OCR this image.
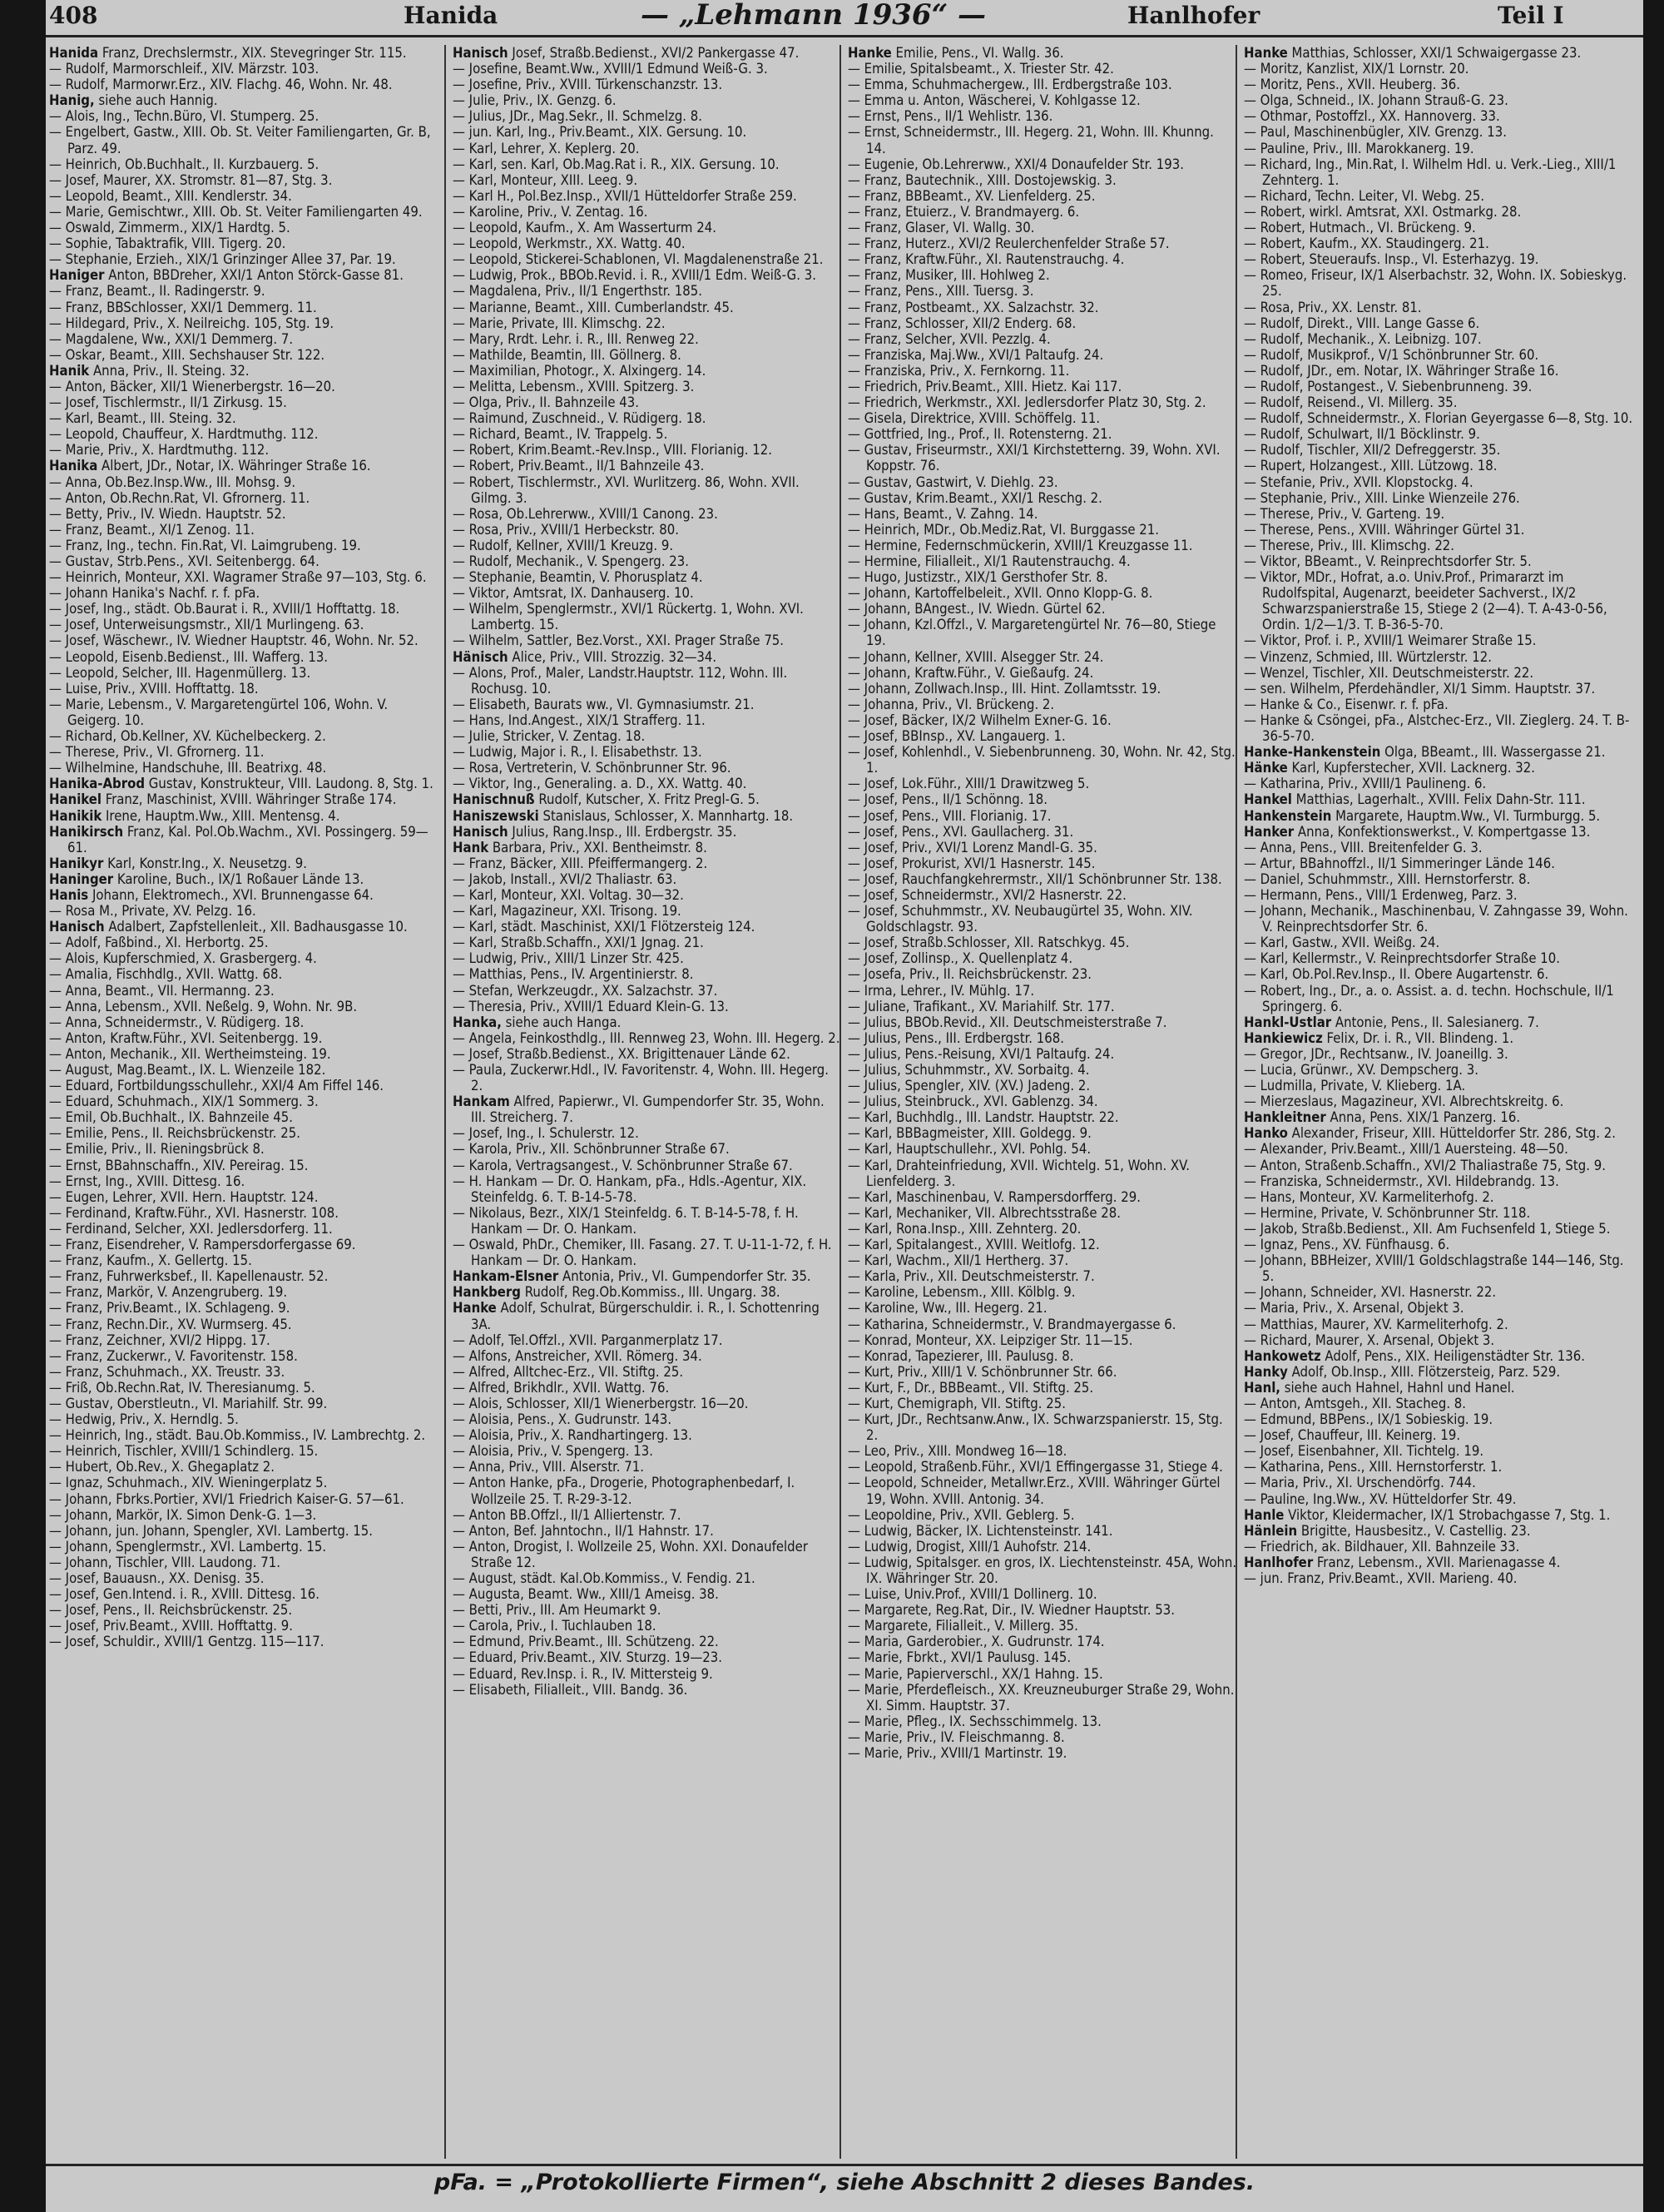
408	Hanida	— „Lehmann 1936“ —	Hanlhofer	Teil I
Hanida Franz, Drechslermstr., XIX. Stevegringer Str. 115.
— Rudolf, Marmorschleif., XIV. Märzstr. 103.
— Rudolf, Marmorwr.Erz., XIV. Flachg. 46, Wohn. Nr. 48.
Hanig, siehe auch Hannig.
— Alois, Ing., Techn.Büro, VI. Stumperg. 25.
— Engelbert, Gastw., XIII. Ob. St. Veiter Familiengarten, Gr. B, Parz. 49.
— Heinrich, Ob.Buchhalt., II. Kurzbauerg. 5.
— Josef, Maurer, XX. Stromstr. 81—87, Stg. 3.
— Leopold, Beamt., XIII. Kendlerstr. 34.
— Marie, Gemischtwr., XIII. Ob. St. Veiter Familiengarten 49.
— Oswald, Zimmerm., XIX/1 Hardtg. 5.
— Sophie, Tabaktrafik, VIII. Tigerg. 20.
— Stephanie, Erzieh., XIX/1 Grinzinger Allee 37, Par. 19.
Haniger Anton, BBDreher, XXI/1 Anton Störck-Gasse 81.
— Franz, Beamt., II. Radingerstr. 9.
— Franz, BBSchlosser, XXI/1 Demmerg. 11.
— Hildegard, Priv., X. Neilreichg. 105, Stg. 19.
— Magdalene, Ww., XXI/1 Demmerg. 7.
— Oskar, Beamt., XIII. Sechshauser Str. 122.
Hanik Anna, Priv., II. Steing. 32.
— Anton, Bäcker, XII/1 Wienerbergstr. 16—20.
— Josef, Tischlermstr., II/1 Zirkusg. 15.
— Karl, Beamt., III. Steing. 32.
— Leopold, Chauffeur, X. Hardtmuthg. 112.
— Marie, Priv., X. Hardtmuthg. 112.
Hanika Albert, JDr., Notar, IX. Währinger Straße 16.
— Anna, Ob.Bez.Insp.Ww., III. Mohsg. 9.
— Anton, Ob.Rechn.Rat, VI. Gfrornerg. 11.
— Betty, Priv., IV. Wiedn. Hauptstr. 52.
— Franz, Beamt., XI/1 Zenog. 11.
— Franz, Ing., techn. Fin.Rat, VI. Laimgrubeng. 19.
— Gustav, Strb.Pens., XVI. Seitenbergg. 64.
— Heinrich, Monteur, XXI. Wagramer Straße 97—103, Stg. 6.
— Johann Hanika's Nachf. r. f. pFa.
— Josef, Ing., städt. Ob.Baurat i. R., XVIII/1 Hofftattg. 18.
— Josef, Unterweisungsmstr., XII/1 Murlingeng. 63.
— Josef, Wäschewr., IV. Wiedner Hauptstr. 46, Wohn. Nr. 52.
— Leopold, Eisenb.Bedienst., III. Wafferg. 13.
— Leopold, Selcher, III. Hagenmüllerg. 13.
— Luise, Priv., XVIII. Hofftattg. 18.
— Marie, Lebensm., V. Margaretengürtel 106, Wohn. V. Geigerg. 10.
— Richard, Ob.Kellner, XV. Küchelbeckerg. 2.
— Therese, Priv., VI. Gfrornerg. 11.
— Wilhelmine, Handschuhe, III. Beatrixg. 48.
Hanika-Abrod Gustav, Konstrukteur, VIII. Laudong. 8, Stg. 1.
Hanikel Franz, Maschinist, XVIII. Währinger Straße 174.
Hanikik Irene, Hauptm.Ww., XIII. Mentensg. 4.
Hanikirsch Franz, Kal. Pol.Ob.Wachm., XVI. Possingerg. 59—61.
Hanikyr Karl, Konstr.Ing., X. Neusetzg. 9.
Haninger Karoline, Buch., IX/1 Roßauer Lände 13.
Hanis Johann, Elektromech., XVI. Brunnengasse 64.
— Rosa M., Private, XV. Pelzg. 16.
Hanisch Adalbert, Zapfstellenleit., XII. Badhausgasse 10.
— Adolf, Faßbind., XI. Herbortg. 25.
— Alois, Kupferschmied, X. Grasbergerg. 4.
— Amalia, Fischhdlg., XVII. Wattg. 68.
— Anna, Beamt., VII. Hermanng. 23.
— Anna, Lebensm., XVII. Neßelg. 9, Wohn. Nr. 9B.
— Anna, Schneidermstr., V. Rüdigerg. 18.
— Anton, Kraftw.Führ., XVI. Seitenbergg. 19.
— Anton, Mechanik., XII. Wertheimsteing. 19.
— August, Mag.Beamt., IX. L. Wienzeile 182.
— Eduard, Fortbildungsschullehr., XXI/4 Am Fiffel 146.
— Eduard, Schuhmach., XIX/1 Sommerg. 3.
— Emil, Ob.Buchhalt., IX. Bahnzeile 45.
— Emilie, Pens., II. Reichsbrückenstr. 25.
— Emilie, Priv., II. Rieningsbrück 8.
— Ernst, BBahnschaffn., XIV. Pereirag. 15.
— Ernst, Ing., XVIII. Dittesg. 16.
— Eugen, Lehrer, XVII. Hern. Hauptstr. 124.
— Ferdinand, Kraftw.Führ., XVI. Hasnerstr. 108.
— Ferdinand, Selcher, XXI. Jedlersdorferg. 11.
— Franz, Eisendreher, V. Rampersdorfergasse 69.
— Franz, Kaufm., X. Gellertg. 15.
— Franz, Fuhrwerksbef., II. Kapellenaustr. 52.
— Franz, Markör, V. Anzengruberg. 19.
— Franz, Priv.Beamt., IX. Schlageng. 9.
— Franz, Rechn.Dir., XV. Wurmserg. 45.
— Franz, Zeichner, XVI/2 Hippg. 17.
— Franz, Zuckerwr., V. Favoritenstr. 158.
— Franz, Schuhmach., XX. Treustr. 33.
— Friß, Ob.Rechn.Rat, IV. Theresianumg. 5.
— Gustav, Oberstleutn., VI. Mariahilf. Str. 99.
— Hedwig, Priv., X. Herndlg. 5.
— Heinrich, Ing., städt. Bau.Ob.Kommiss., IV. Lambrechtg. 2.
— Heinrich, Tischler, XVIII/1 Schindlerg. 15.
— Hubert, Ob.Rev., X. Ghegaplatz 2.
— Ignaz, Schuhmach., XIV. Wieningerplatz 5.
— Johann, Fbrks.Portier, XVI/1 Friedrich Kaiser-G. 57—61.
— Johann, Markör, IX. Simon Denk-G. 1—3.
— Johann, jun. Johann, Spengler, XVI. Lambertg. 15.
— Johann, Spenglermstr., XVI. Lambertg. 15.
— Johann, Tischler, VIII. Laudong. 71.
— Josef, Bauausn., XX. Denisg. 35.
— Josef, Gen.Intend. i. R., XVIII. Dittesg. 16.
— Josef, Pens., II. Reichsbrückenstr. 25.
— Josef, Priv.Beamt., XVIII. Hofftattg. 9.
— Josef, Schuldir., XVIII/1 Gentzg. 115—117.
Hanisch Josef, Straßb.Bedienst., XVI/2 Pankergasse 47.
— Josefine, Beamt.Ww., XVIII/1 Edmund Weiß-G. 3.
— Josefine, Priv., XVIII. Türkenschanzstr. 13.
— Julie, Priv., IX. Genzg. 6.
— Julius, JDr., Mag.Sekr., II. Schmelzg. 8.
— jun. Karl, Ing., Priv.Beamt., XIX. Gersung. 10.
— Karl, Lehrer, X. Keplerg. 20.
— Karl, sen. Karl, Ob.Mag.Rat i. R., XIX. Gersung. 10.
— Karl, Monteur, XIII. Leeg. 9.
— Karl H., Pol.Bez.Insp., XVII/1 Hütteldorfer Straße 259.
— Karoline, Priv., V. Zentag. 16.
— Leopold, Kaufm., X. Am Wasserturm 24.
— Leopold, Werkmstr., XX. Wattg. 40.
— Leopold, Stickerei-Schablonen, VI. Magdalenenstraße 21.
— Ludwig, Prok., BBOb.Revid. i. R., XVIII/1 Edm. Weiß-G. 3.
— Magdalena, Priv., II/1 Engerthstr. 185.
— Marianne, Beamt., XIII. Cumberlandstr. 45.
— Marie, Private, III. Klimschg. 22.
— Mary, Rrdt. Lehr. i. R., III. Renweg 22.
— Mathilde, Beamtin, III. Göllnerg. 8.
— Maximilian, Photogr., X. Alxingerg. 14.
— Melitta, Lebensm., XVIII. Spitzerg. 3.
— Olga, Priv., II. Bahnzeile 43.
— Raimund, Zuschneid., V. Rüdigerg. 18.
— Richard, Beamt., IV. Trappelg. 5.
— Robert, Krim.Beamt.-Rev.Insp., VIII. Florianig. 12.
— Robert, Priv.Beamt., II/1 Bahnzeile 43.
— Robert, Tischlermstr., XVI. Wurlitzerg. 86, Wohn. XVII. Gilmg. 3.
— Rosa, Ob.Lehrerww., XVIII/1 Canong. 23.
— Rosa, Priv., XVIII/1 Herbeckstr. 80.
— Rudolf, Kellner, XVIII/1 Kreuzg. 9.
— Rudolf, Mechanik., V. Spengerg. 23.
— Stephanie, Beamtin, V. Phorusplatz 4.
— Viktor, Amtsrat, IX. Danhauserg. 10.
— Wilhelm, Spenglermstr., XVI/1 Rückertg. 1, Wohn. XVI. Lambertg. 15.
— Wilhelm, Sattler, Bez.Vorst., XXI. Prager Straße 75.
Hänisch Alice, Priv., VIII. Strozzig. 32—34.
— Alons, Prof., Maler, Landstr.Hauptstr. 112, Wohn. III. Rochusg. 10.
— Elisabeth, Baurats ww., VI. Gymnasiumstr. 21.
— Hans, Ind.Angest., XIX/1 Strafferg. 11.
— Julie, Stricker, V. Zentag. 18.
— Ludwig, Major i. R., I. Elisabethstr. 13.
— Rosa, Vertreterin, V. Schönbrunner Str. 96.
— Viktor, Ing., Generaling. a. D., XX. Wattg. 40.
Hanischnuß Rudolf, Kutscher, X. Fritz Pregl-G. 5.
Haniszewski Stanislaus, Schlosser, X. Mannhartg. 18.
Hanisch Julius, Rang.Insp., III. Erdbergstr. 35.
Hank Barbara, Priv., XXI. Bentheimstr. 8.
— Franz, Bäcker, XIII. Pfeiffermangerg. 2.
— Jakob, Install., XVI/2 Thaliastr. 63.
— Karl, Monteur, XXI. Voltag. 30—32.
— Karl, Magazineur, XXI. Trisong. 19.
— Karl, städt. Maschinist, XXI/1 Flötzersteig 124.
— Karl, Straßb.Schaffn., XXI/1 Jgnag. 21.
— Ludwig, Priv., XIII/1 Linzer Str. 425.
— Matthias, Pens., IV. Argentinierstr. 8.
— Stefan, Werkzeugdr., XX. Salzachstr. 37.
— Theresia, Priv., XVIII/1 Eduard Klein-G. 13.
Hanka, siehe auch Hanga.
— Angela, Feinkosthdlg., III. Rennweg 23, Wohn. III. Hegerg. 2.
— Josef, Straßb.Bedienst., XX. Brigittenauer Lände 62.
— Paula, Zuckerwr.Hdl., IV. Favoritenstr. 4, Wohn. III. Hegerg. 2.
Hankam Alfred, Papierwr., VI. Gumpendorfer Str. 35, Wohn. III. Streicherg. 7.
— Josef, Ing., I. Schulerstr. 12.
— Karola, Priv., XII. Schönbrunner Straße 67.
— Karola, Vertragsangest., V. Schönbrunner Straße 67.
— H. Hankam — Dr. O. Hankam, pFa., Hdls.-Agentur, XIX. Steinfeldg. 6. T. B-14-5-78.
— Nikolaus, Bezr., XIX/1 Steinfeldg. 6. T. B-14-5-78, f. H. Hankam — Dr. O. Hankam.
— Oswald, PhDr., Chemiker, III. Fasang. 27. T. U-11-1-72, f. H. Hankam — Dr. O. Hankam.
Hankam-Elsner Antonia, Priv., VI. Gumpendorfer Str. 35.
Hankberg Rudolf, Reg.Ob.Kommiss., III. Ungarg. 38.
Hanke Adolf, Schulrat, Bürgerschuldir. i. R., I. Schottenring 3A.
— Adolf, Tel.Offzl., XVII. Parganmerplatz 17.
— Alfons, Anstreicher, XVII. Römerg. 34.
— Alfred, Alltchec-Erz., VII. Stiftg. 25.
— Alfred, Brikhdlr., XVII. Wattg. 76.
— Alois, Schlosser, XII/1 Wienerbergstr. 16—20.
— Aloisia, Pens., X. Gudrunstr. 143.
— Aloisia, Priv., X. Randhartingerg. 13.
— Aloisia, Priv., V. Spengerg. 13.
— Anna, Priv., VIII. Alserstr. 71.
— Anton Hanke, pFa., Drogerie, Photographenbedarf, I. Wollzeile 25. T. R-29-3-12.
— Anton BB.Offzl., II/1 Alliertenstr. 7.
— Anton, Bef. Jahntochn., II/1 Hahnstr. 17.
— Anton, Drogist, I. Wollzeile 25, Wohn. XXI. Donaufelder Straße 12.
— August, städt. Kal.Ob.Kommiss., V. Fendig. 21.
— Augusta, Beamt. Ww., XIII/1 Ameisg. 38.
— Betti, Priv., III. Am Heumarkt 9.
— Carola, Priv., I. Tuchlauben 18.
— Edmund, Priv.Beamt., III. Schützeng. 22.
— Eduard, Priv.Beamt., XIV. Sturzg. 19—23.
— Eduard, Rev.Insp. i. R., IV. Mittersteig 9.
— Elisabeth, Filialleit., VIII. Bandg. 36.
Hanke Emilie, Pens., VI. Wallg. 36.
— Emilie, Spitalsbeamt., X. Triester Str. 42.
— Emma, Schuhmachergew., III. Erdbergstraße 103.
— Emma u. Anton, Wäscherei, V. Kohlgasse 12.
— Ernst, Pens., II/1 Wehlistr. 136.
— Ernst, Schneidermstr., III. Hegerg. 21, Wohn. III. Khunng. 14.
— Eugenie, Ob.Lehrerww., XXI/4 Donaufelder Str. 193.
— Franz, Bautechnik., XIII. Dostojewskig. 3.
— Franz, BBBeamt., XV. Lienfelderg. 25.
— Franz, Etuierz., V. Brandmayerg. 6.
— Franz, Glaser, VI. Wallg. 30.
— Franz, Huterz., XVI/2 Reulerchenfelder Straße 57.
— Franz, Kraftw.Führ., XI. Rautenstrauchg. 4.
— Franz, Musiker, III. Hohlweg 2.
— Franz, Pens., XIII. Tuersg. 3.
— Franz, Postbeamt., XX. Salzachstr. 32.
— Franz, Schlosser, XII/2 Enderg. 68.
— Franz, Selcher, XVII. Pezzlg. 4.
— Franziska, Maj.Ww., XVI/1 Paltaufg. 24.
— Franziska, Priv., X. Fernkorng. 11.
— Friedrich, Priv.Beamt., XIII. Hietz. Kai 117.
— Friedrich, Werkmstr., XXI. Jedlersdorfer Platz 30, Stg. 2.
— Gisela, Direktrice, XVIII. Schöffelg. 11.
— Gottfried, Ing., Prof., II. Rotensterng. 21.
— Gustav, Friseurmstr., XXI/1 Kirchstetterng. 39, Wohn. XVI. Koppstr. 76.
— Gustav, Gastwirt, V. Diehlg. 23.
— Gustav, Krim.Beamt., XXI/1 Reschg. 2.
— Hans, Beamt., V. Zahng. 14.
— Heinrich, MDr., Ob.Mediz.Rat, VI. Burggasse 21.
— Hermine, Federnschmückerin, XVIII/1 Kreuzgasse 11.
— Hermine, Filialleit., XI/1 Rautenstrauchg. 4.
— Hugo, Justizstr., XIX/1 Gersthofer Str. 8.
— Johann, Kartoffelbeleit., XVII. Onno Klopp-G. 8.
— Johann, BAngest., IV. Wiedn. Gürtel 62.
— Johann, Kzl.Offzl., V. Margaretengürtel Nr. 76—80, Stiege 19.
— Johann, Kellner, XVIII. Alsegger Str. 24.
— Johann, Kraftw.Führ., V. Gießaufg. 24.
— Johann, Zollwach.Insp., III. Hint. Zollamtsstr. 19.
— Johanna, Priv., VI. Brückeng. 2.
— Josef, Bäcker, IX/2 Wilhelm Exner-G. 16.
— Josef, BBInsp., XV. Langauerg. 1.
— Josef, Kohlenhdl., V. Siebenbrunneng. 30, Wohn. Nr. 42, Stg. 1.
— Josef, Lok.Führ., XIII/1 Drawitzweg 5.
— Josef, Pens., II/1 Schönng. 18.
— Josef, Pens., VIII. Florianig. 17.
— Josef, Pens., XVI. Gaullacherg. 31.
— Josef, Priv., XVI/1 Lorenz Mandl-G. 35.
— Josef, Prokurist, XVI/1 Hasnerstr. 145.
— Josef, Rauchfangkehrermstr., XII/1 Schönbrunner Str. 138.
— Josef, Schneidermstr., XVI/2 Hasnerstr. 22.
— Josef, Schuhmmstr., XV. Neubaugürtel 35, Wohn. XIV. Goldschlagstr. 93.
— Josef, Straßb.Schlosser, XII. Ratschkyg. 45.
— Josef, Zollinsp., X. Quellenplatz 4.
— Josefa, Priv., II. Reichsbrückenstr. 23.
— Irma, Lehrer., IV. Mühlg. 17.
— Juliane, Trafikant., XV. Mariahilf. Str. 177.
— Julius, BBOb.Revid., XII. Deutschmeisterstraße 7.
— Julius, Pens., III. Erdbergstr. 168.
— Julius, Pens.-Reisung, XVI/1 Paltaufg. 24.
— Julius, Schuhmmstr., XV. Sorbaitg. 4.
— Julius, Spengler, XIV. (XV.) Jadeng. 2.
— Julius, Steinbruck., XVI. Gablenzg. 34.
— Karl, Buchhdlg., III. Landstr. Hauptstr. 22.
— Karl, BBBagmeister, XIII. Goldegg. 9.
— Karl, Hauptschullehr., XVI. Pohlg. 54.
— Karl, Drahteinfriedung, XVII. Wichtelg. 51, Wohn. XV. Lienfelderg. 3.
— Karl, Maschinenbau, V. Rampersdorfferg. 29.
— Karl, Mechaniker, VII. Albrechtsstraße 28.
— Karl, Rona.Insp., XIII. Zehnterg. 20.
— Karl, Spitalangest., XVIII. Weitlofg. 12.
— Karl, Wachm., XII/1 Hertherg. 37.
— Karla, Priv., XII. Deutschmeisterstr. 7.
— Karoline, Lebensm., XIII. Kölblg. 9.
— Karoline, Ww., III. Hegerg. 21.
— Katharina, Schneidermstr., V. Brandmayergasse 6.
— Konrad, Monteur, XX. Leipziger Str. 11—15.
— Konrad, Tapezierer, III. Paulusg. 8.
— Kurt, Priv., XIII/1 V. Schönbrunner Str. 66.
— Kurt, F., Dr., BBBeamt., VII. Stiftg. 25.
— Kurt, Chemigraph, VII. Stiftg. 25.
— Kurt, JDr., Rechtsanw.Anw., IX. Schwarzspanierstr. 15, Stg. 2.
— Leo, Priv., XIII. Mondweg 16—18.
— Leopold, Straßenb.Führ., XVI/1 Effingergasse 31, Stiege 4.
— Leopold, Schneider, Metallwr.Erz., XVIII. Währinger Gürtel 19, Wohn. XVIII. Antonig. 34.
— Leopoldine, Priv., XVII. Geblerg. 5.
— Ludwig, Bäcker, IX. Lichtensteinstr. 141.
— Ludwig, Drogist, XIII/1 Auhofstr. 214.
— Ludwig, Spitalsger. en gros, IX. Liechtensteinstr. 45A, Wohn. IX. Währinger Str. 20.
— Luise, Univ.Prof., XVIII/1 Dollinerg. 10.
— Margarete, Reg.Rat, Dir., IV. Wiedner Hauptstr. 53.
— Margarete, Filialleit., V. Millerg. 35.
— Maria, Garderobier., X. Gudrunstr. 174.
— Marie, Fbrkt., XVI/1 Paulusg. 145.
— Marie, Papierverschl., XX/1 Hahng. 15.
— Marie, Pferdefleisch., XX. Kreuzneuburger Straße 29, Wohn. XI. Simm. Hauptstr. 37.
— Marie, Pfleg., IX. Sechsschimmelg. 13.
— Marie, Priv., IV. Fleischmanng. 8.
— Marie, Priv., XVIII/1 Martinstr. 19.
Hanke Matthias, Schlosser, XXI/1 Schwaigergasse 23.
— Moritz, Kanzlist, XIX/1 Lornstr. 20.
— Moritz, Pens., XVII. Heuberg. 36.
— Olga, Schneid., IX. Johann Strauß-G. 23.
— Othmar, Postoffzl., XX. Hannoverg. 33.
— Paul, Maschinenbügler, XIV. Grenzg. 13.
— Pauline, Priv., III. Marokkanerg. 19.
— Richard, Ing., Min.Rat, I. Wilhelm Hdl. u. Verk.-Lieg., XIII/1 Zehnterg. 1.
— Richard, Techn. Leiter, VI. Webg. 25.
— Robert, wirkl. Amtsrat, XXI. Ostmarkg. 28.
— Robert, Hutmach., VI. Brückeng. 9.
— Robert, Kaufm., XX. Staudingerg. 21.
— Robert, Steueraufs. Insp., VI. Esterhazyg. 19.
— Romeo, Friseur, IX/1 Alserbachstr. 32, Wohn. IX. Sobieskyg. 25.
— Rosa, Priv., XX. Lenstr. 81.
— Rudolf, Direkt., VIII. Lange Gasse 6.
— Rudolf, Mechanik., X. Leibnizg. 107.
— Rudolf, Musikprof., V/1 Schönbrunner Str. 60.
— Rudolf, JDr., em. Notar, IX. Währinger Straße 16.
— Rudolf, Postangest., V. Siebenbrunneng. 39.
— Rudolf, Reisend., VI. Millerg. 35.
— Rudolf, Schneidermstr., X. Florian Geyergasse 6—8, Stg. 10.
— Rudolf, Schulwart, II/1 Böcklinstr. 9.
— Rudolf, Tischler, XII/2 Defreggerstr. 35.
— Rupert, Holzangest., XIII. Lützowg. 18.
— Stefanie, Priv., XVII. Klopstockg. 4.
— Stephanie, Priv., XIII. Linke Wienzeile 276.
— Therese, Priv., V. Garteng. 19.
— Therese, Pens., XVIII. Währinger Gürtel 31.
— Therese, Priv., III. Klimschg. 22.
— Viktor, BBeamt., V. Reinprechtsdorfer Str. 5.
— Viktor, MDr., Hofrat, a.o. Univ.Prof., Primararzt im Rudolfspital, Augenarzt, beeideter Sachverst., IX/2 Schwarzspanierstraße 15, Stiege 2 (2—4). T. A-43-0-56, Ordin. 1/2—1/3. T. B-36-5-70.
— Viktor, Prof. i. P., XVIII/1 Weimarer Straße 15.
— Vinzenz, Schmied, III. Würtzlerstr. 12.
— Wenzel, Tischler, XII. Deutschmeisterstr. 22.
— sen. Wilhelm, Pferdehändler, XI/1 Simm. Hauptstr. 37.
— Hanke & Co., Eisenwr. r. f. pFa.
— Hanke & Csöngei, pFa., Alstchec-Erz., VII. Zieglerg. 24. T. B-36-5-70.
Hanke-Hankenstein Olga, BBeamt., III. Wassergasse 21.
Hänke Karl, Kupferstecher, XVII. Lacknerg. 32.
— Katharina, Priv., XVIII/1 Paulineng. 6.
Hankel Matthias, Lagerhalt., XVIII. Felix Dahn-Str. 111.
Hankenstein Margarete, Hauptm.Ww., VI. Turmburgg. 5.
Hanker Anna, Konfektionswerkst., V. Kompertgasse 13.
— Anna, Pens., VIII. Breitenfelder G. 3.
— Artur, BBahnoffzl., II/1 Simmeringer Lände 146.
— Daniel, Schuhmmstr., XIII. Hernstorferstr. 8.
— Hermann, Pens., VIII/1 Erdenweg, Parz. 3.
— Johann, Mechanik., Maschinenbau, V. Zahngasse 39, Wohn. V. Reinprechtsdorfer Str. 6.
— Karl, Gastw., XVII. Weißg. 24.
— Karl, Kellermstr., V. Reinprechtsdorfer Straße 10.
— Karl, Ob.Pol.Rev.Insp., II. Obere Augartenstr. 6.
— Robert, Ing., Dr., a. o. Assist. a. d. techn. Hochschule, II/1 Springerg. 6.
Hankl-Ustlar Antonie, Pens., II. Salesianerg. 7.
Hankiewicz Felix, Dr. i. R., VII. Blindeng. 1.
— Gregor, JDr., Rechtsanw., IV. Joaneillg. 3.
— Lucia, Grünwr., XV. Dempscherg. 3.
— Ludmilla, Private, V. Klieberg. 1A.
— Mierzeslaus, Magazineur, XVI. Albrechtskreitg. 6.
Hankleitner Anna, Pens. XIX/1 Panzerg. 16.
Hanko Alexander, Friseur, XIII. Hütteldorfer Str. 286, Stg. 2.
— Alexander, Priv.Beamt., XIII/1 Auersteing. 48—50.
— Anton, Straßenb.Schaffn., XVI/2 Thaliastraße 75, Stg. 9.
— Franziska, Schneidermstr., XVI. Hildebrandg. 13.
— Hans, Monteur, XV. Karmeliterhofg. 2.
— Hermine, Private, V. Schönbrunner Str. 118.
— Jakob, Straßb.Bedienst., XII. Am Fuchsenfeld 1, Stiege 5.
— Ignaz, Pens., XV. Fünfhausg. 6.
— Johann, BBHeizer, XVIII/1 Goldschlagstraße 144—146, Stg. 5.
— Johann, Schneider, XVI. Hasnerstr. 22.
— Maria, Priv., X. Arsenal, Objekt 3.
— Matthias, Maurer, XV. Karmeliterhofg. 2.
— Richard, Maurer, X. Arsenal, Objekt 3.
Hankowetz Adolf, Pens., XIX. Heiligenstädter Str. 136.
Hanky Adolf, Ob.Insp., XIII. Flötzersteig, Parz. 529.
Hanl, siehe auch Hahnel, Hahnl und Hanel.
— Anton, Amtsgeh., XII. Stacheg. 8.
— Edmund, BBPens., IX/1 Sobieskig. 19.
— Josef, Chauffeur, III. Keinerg. 19.
— Josef, Eisenbahner, XII. Tichtelg. 19.
— Katharina, Pens., XIII. Hernstorferstr. 1.
— Maria, Priv., XI. Urschendörfg. 744.
— Pauline, Ing.Ww., XV. Hütteldorfer Str. 49.
Hanle Viktor, Kleidermacher, IX/1 Strobachgasse 7, Stg. 1.
Hänlein Brigitte, Hausbesitz., V. Castellig. 23.
— Friedrich, ak. Bildhauer, XII. Bahnzeile 33.
Hanlhofer Franz, Lebensm., XVII. Marienagasse 4.
— jun. Franz, Priv.Beamt., XVII. Marieng. 40.
pFa. = „Protokollierte Firmen“, siehe Abschnitt 2 dieses Bandes.
